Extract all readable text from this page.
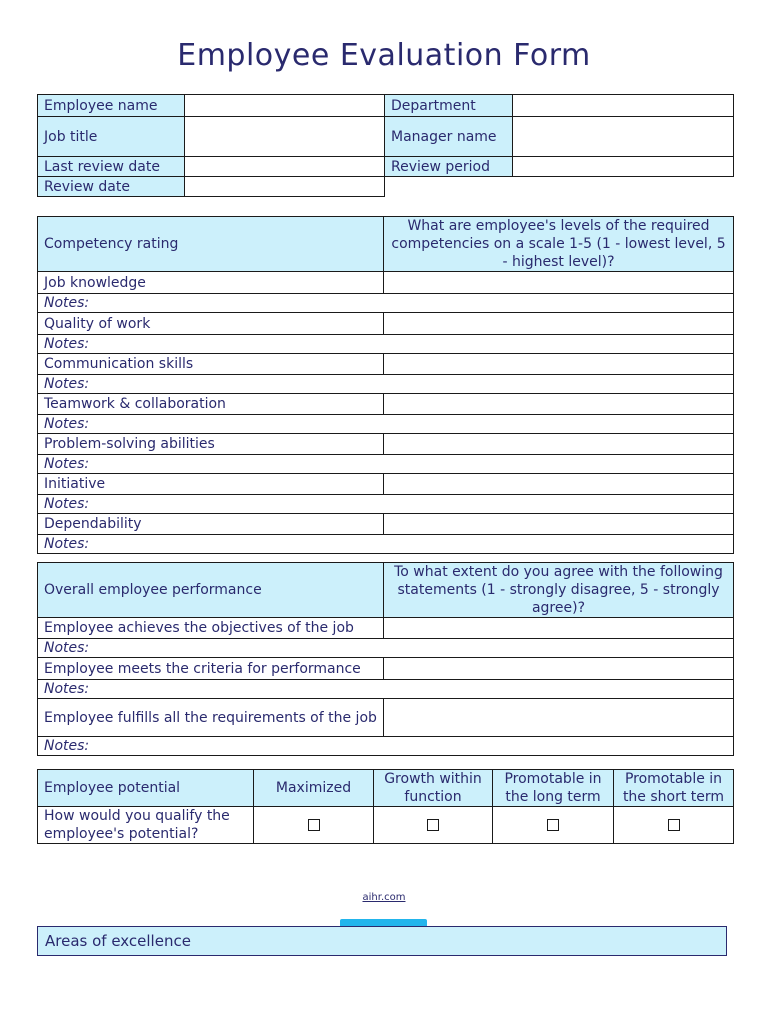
Employee Evaluation Form
Employee name		Department	
Job title		Manager name	
Last review date		Review period	
Review date			
Competency rating	What are employee's levels of the required competencies on a scale 1-5 (1 - lowest level, 5 - highest level)?
Job knowledge	
Notes:	
Quality of work	
Notes:	
Communication skills	
Notes:	
Teamwork & collaboration	
Notes:	
Problem-solving abilities	
Notes:	
Initiative	
Notes:	
Dependability	
Notes:	
Overall employee performance	To what extent do you agree with the following statements (1 - strongly disagree, 5 - strongly agree)?
Employee achieves the objectives of the job	
Notes:	
Employee meets the criteria for performance	
Notes:	
Employee fulfills all the requirements of the job	
Notes:	
Employee potential	Maximized	Growth within function	Promotable in the long term	Promotable in the short term
How would you qualify the employee's potential?				
aihr.com
Areas of excellence
